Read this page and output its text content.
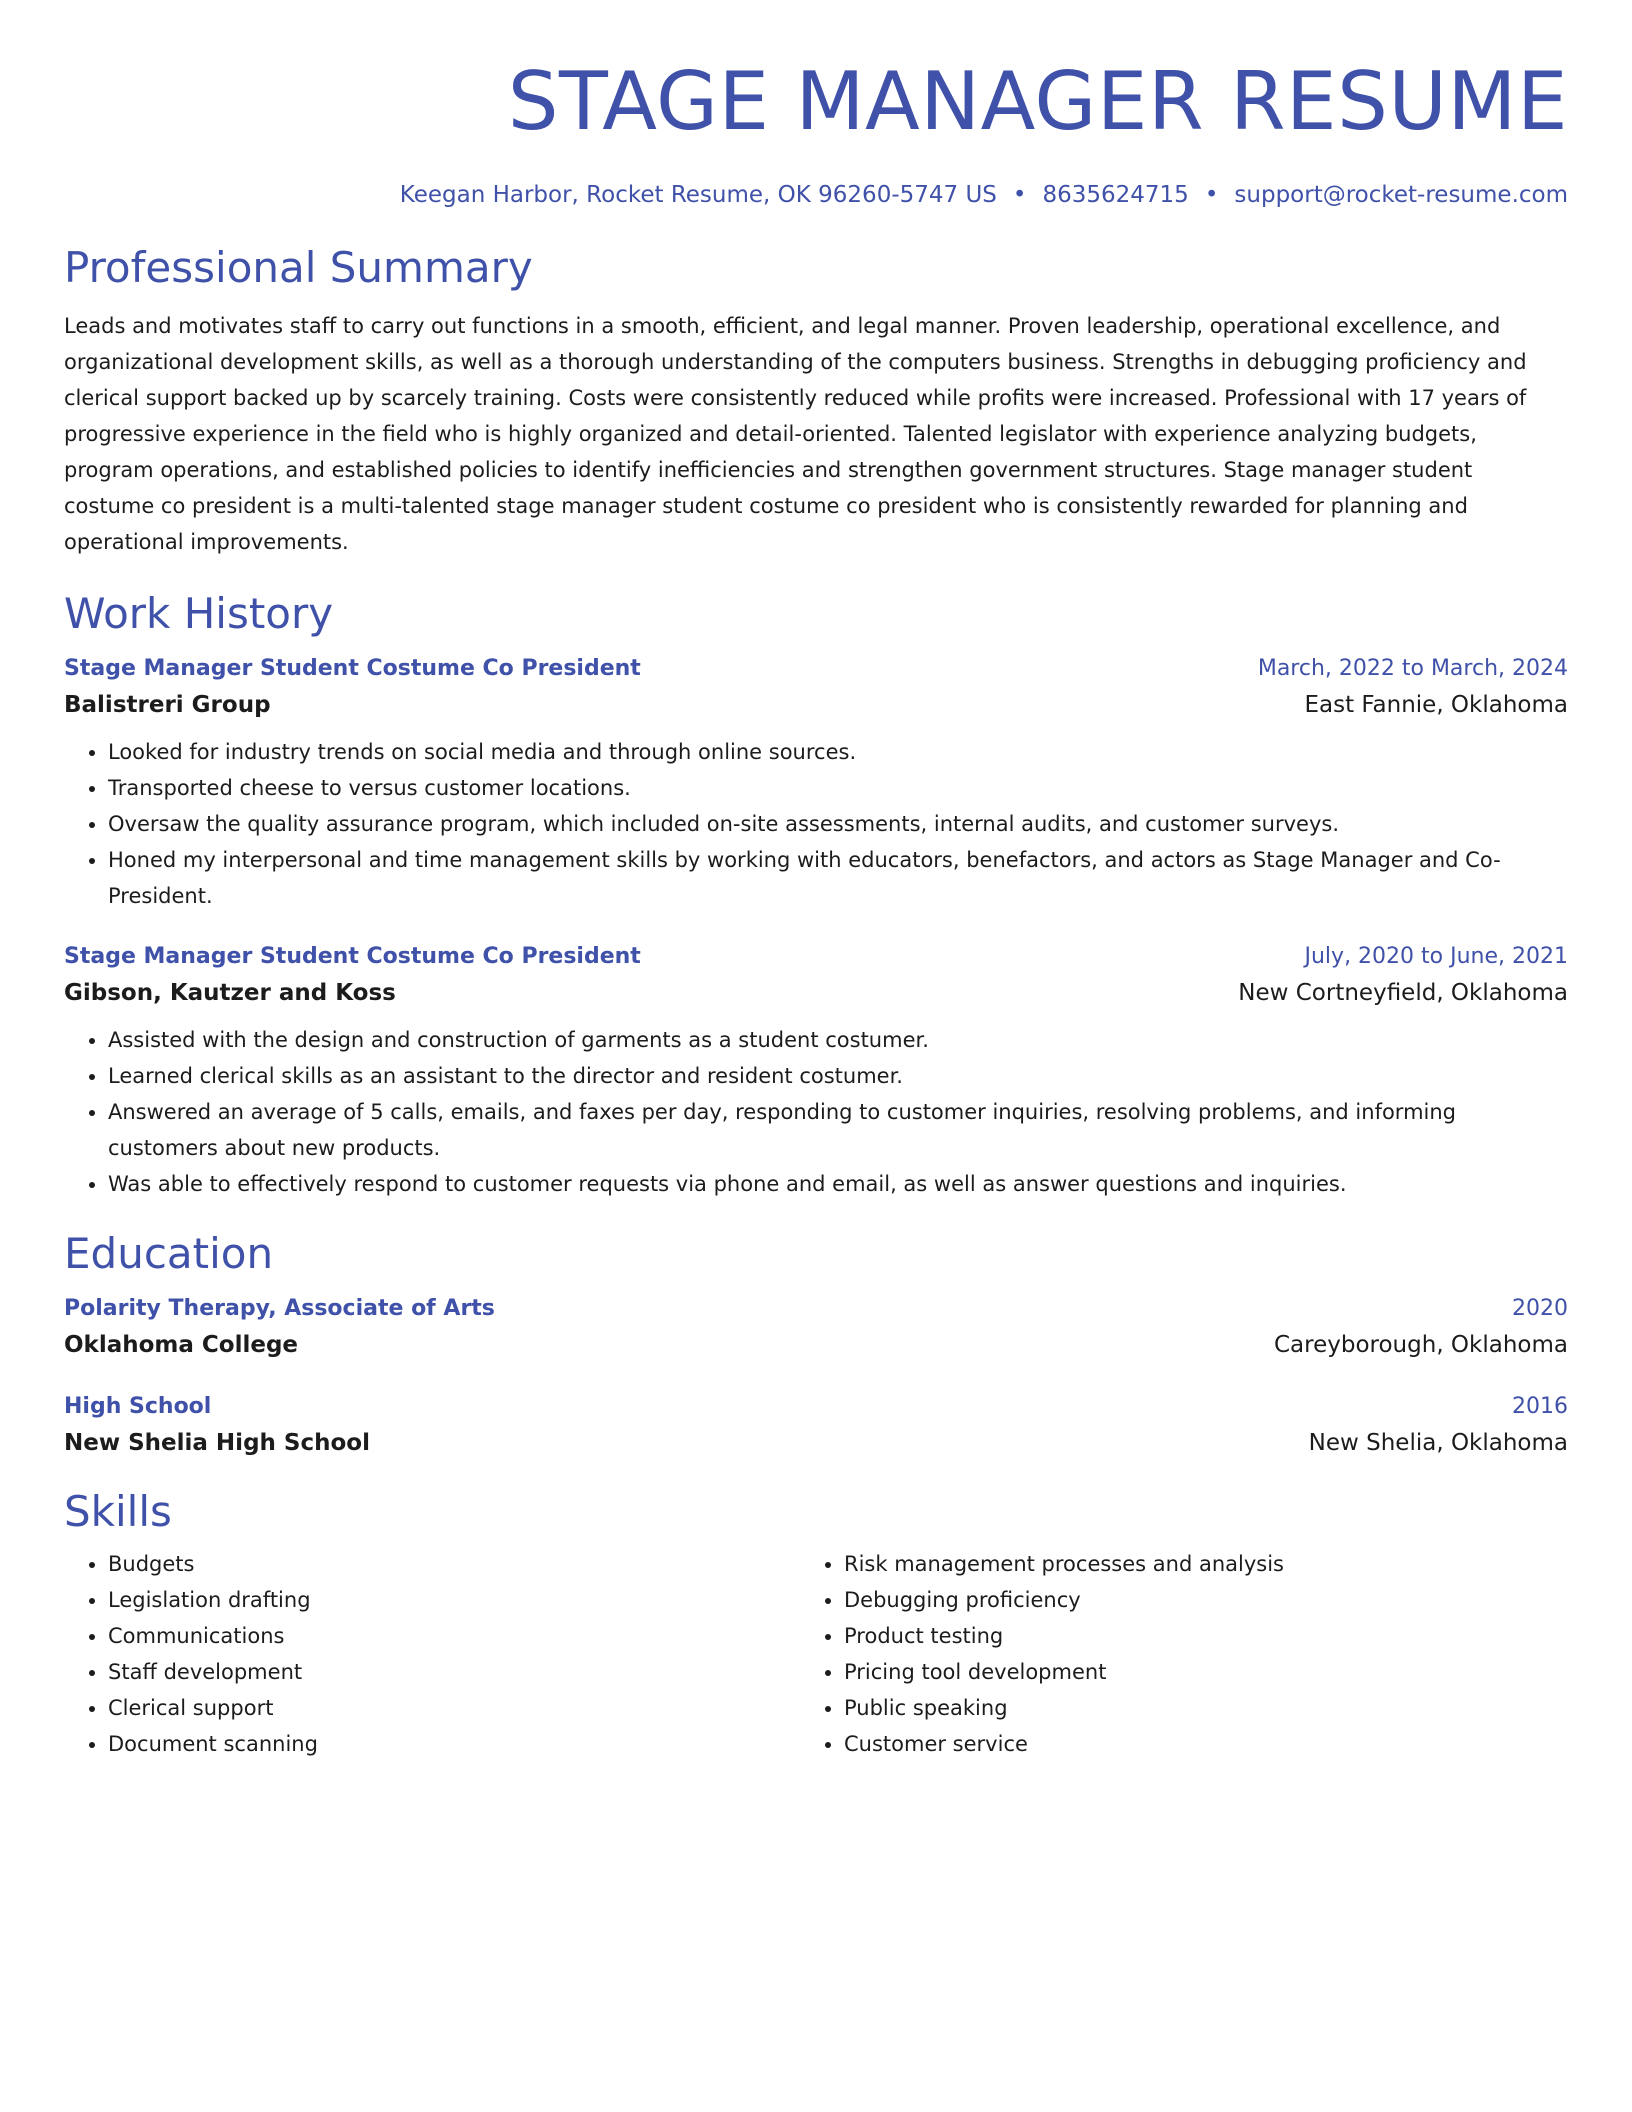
STAGE MANAGER RESUME
Keegan Harbor, Rocket Resume, OK 96260-5747 US • 8635624715 • support@rocket-resume.com
Professional Summary

Leads and motivates staff to carry out functions in a smooth, efficient, and legal manner. Proven leadership, operational excellence, and organizational development skills, as well as a thorough understanding of the computers business. Strengths in debugging proficiency and clerical support backed up by scarcely training. Costs were consistently reduced while profits were increased. Professional with 17 years of progressive experience in the field who is highly organized and detail-oriented. Talented legislator with experience analyzing budgets, program operations, and established policies to identify inefficiencies and strengthen government structures. Stage manager student costume co president is a multi-talented stage manager student costume co president who is consistently rewarded for planning and operational improvements.

Work History
Stage Manager Student Costume Co President	March, 2022 to March, 2024
Balistreri Group	East Fannie, Oklahoma
• Looked for industry trends on social media and through online sources.
• Transported cheese to versus customer locations.
• Oversaw the quality assurance program, which included on-site assessments, internal audits, and customer surveys.
• Honed my interpersonal and time management skills by working with educators, benefactors, and actors as Stage Manager and Co-President.
Stage Manager Student Costume Co President	July, 2020 to June, 2021
Gibson, Kautzer and Koss	New Cortneyfield, Oklahoma
• Assisted with the design and construction of garments as a student costumer.
• Learned clerical skills as an assistant to the director and resident costumer.
• Answered an average of 5 calls, emails, and faxes per day, responding to customer inquiries, resolving problems, and informing customers about new products.
• Was able to effectively respond to customer requests via phone and email, as well as answer questions and inquiries.
Education
Polarity Therapy, Associate of Arts	2020
Oklahoma College	Careyborough, Oklahoma
High School	2016
New Shelia High School	New Shelia, Oklahoma
Skills
• Budgets
• Legislation drafting
• Communications
• Staff development
• Clerical support
• Document scanning
• Risk management processes and analysis
• Debugging proficiency
• Product testing
• Pricing tool development
• Public speaking
• Customer service
